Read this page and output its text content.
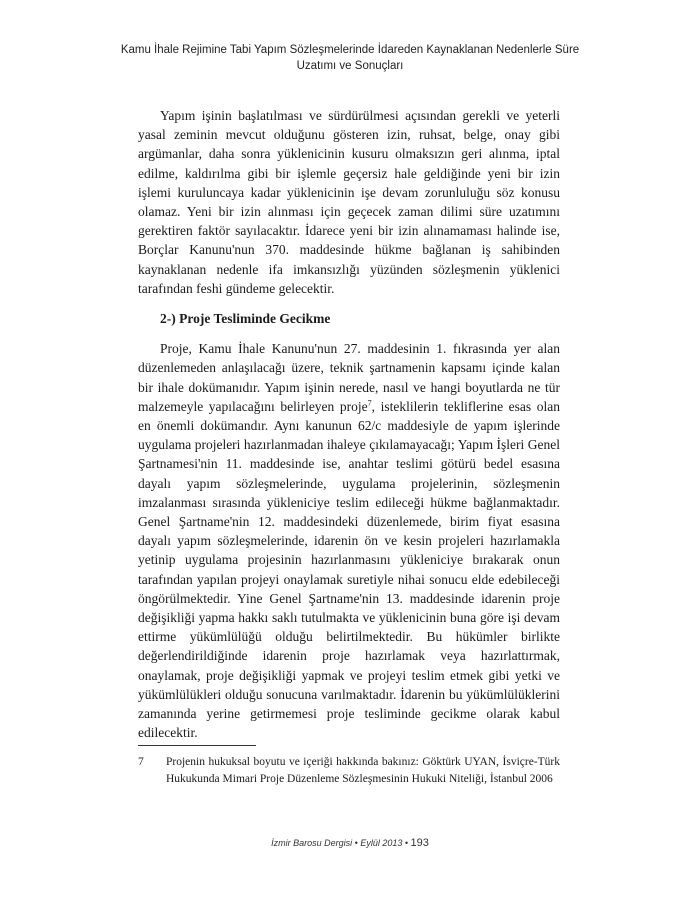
Kamu İhale Rejimine Tabi Yapım Sözleşmelerinde İdareden Kaynaklanan Nedenlerle Süre
Uzatımı ve Sonuçları

Yapım işinin başlatılması ve sürdürülmesi açısından gerekli ve yeterli yasal zeminin mevcut olduğunu gösteren izin, ruhsat, belge, onay gibi argümanlar, daha sonra yüklenicinin kusuru olmaksızın geri alınma, iptal edilme, kaldırılma gibi bir işlemle geçersiz hale geldiğinde yeni bir izin işlemi kuruluncaya kadar yüklenicinin işe devam zorunluluğu söz konusu olamaz. Yeni bir izin alınması için geçecek zaman dilimi süre uzatımını gerektiren faktör sayılacaktır. İdarece yeni bir izin alınamaması halinde ise, Borçlar Kanunu'nun 370. maddesinde hükme bağlanan iş sahibinden kaynaklanan nedenle ifa imkansızlığı yüzünden sözleşmenin yüklenici tarafından feshi gündeme gelecektir.

2-) Proje Tesliminde Gecikme

Proje, Kamu İhale Kanunu'nun 27. maddesinin 1. fıkrasında yer alan düzenlemeden anlaşılacağı üzere, teknik şartnamenin kapsamı içinde kalan bir ihale dokümanıdır. Yapım işinin nerede, nasıl ve hangi boyutlarda ne tür malzemeyle yapılacağını belirleyen proje$^7$, isteklilerin tekliflerine esas olan en önemli dokümandır. Aynı kanunun 62/c maddesiyle de yapım işlerinde uygulama projeleri hazırlanmadan ihaleye çıkılamayacağı; Yapım İşleri Genel Şartnamesi'nin 11. maddesinde ise, anahtar teslimi götürü bedel esasına dayalı yapım sözleşmelerinde, uygulama projelerinin, sözleşmenin imzalanması sırasında yükleniciye teslim edileceği hükme bağlanmaktadır. Genel Şartname'nin 12. maddesindeki düzenlemede, birim fiyat esasına dayalı yapım sözleşmelerinde, idarenin ön ve kesin projeleri hazırlamakla yetinip uygulama projesinin hazırlanmasını yükleniciye bırakarak onun tarafından yapılan projeyi onaylamak suretiyle nihai sonucu elde edebileceği öngörülmektedir. Yine Genel Şartname'nin 13. maddesinde idarenin proje değişikliği yapma hakkı saklı tutulmakta ve yüklenicinin buna göre işi devam ettirme yükümlülüğü olduğu belirtilmektedir. Bu hükümler birlikte değerlendirildiğinde idarenin proje hazırlamak veya hazırlattırmak, onaylamak, proje değişikliği yapmak ve projeyi teslim etmek gibi yetki ve yükümlülükleri olduğu sonucuna varılmaktadır. İdarenin bu yükümlülüklerini zamanında yerine getirmemesi proje tesliminde gecikme olarak kabul edilecektir.

7	Projenin hukuksal boyutu ve içeriği hakkında bakınız: Göktürk UYAN, İsviçre-Türk Hukukunda Mimari Proje Düzenleme Sözleşmesinin Hukuki Niteliği, İstanbul 2006
İzmir Barosu Dergisi • Eylül 2013 • 193
